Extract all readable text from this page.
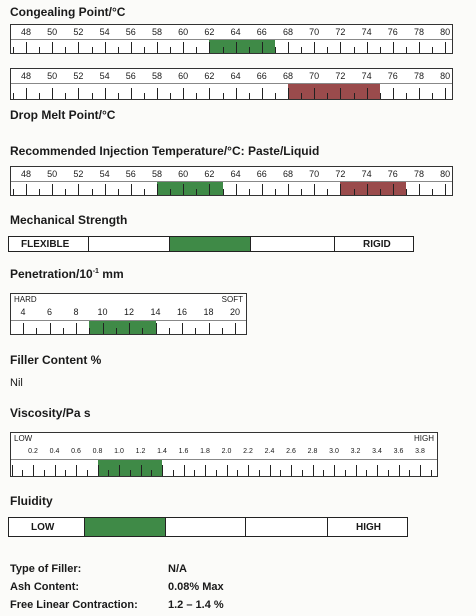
Congealing Point/°C
48 50 52 54 56 58 60 62 64 66 68 70 72 74 76 78 80
48 50 52 54 56 58 60 62 64 66 68 70 72 74 76 78 80
Drop Melt Point/°C
Recommended Injection Temperature/°C: Paste/Liquid
48 50 52 54 56 58 60 62 64 66 68 70 72 74 76 78 80
Mechanical Strength
FLEXIBLE	RIGID
Penetration/$10^{-1}$ mm
HARD	SOFT
4 6 8 10 12 14 16 18 20
Filler Content %
Nil
Viscosity/Pa s
LOW	HIGH
0.2 0.4 0.6 0.8 1.0 1.2 1.4 1.6 1.8 2.0 2.2 2.4 2.6 2.8 3.0 3.2 3.4 3.6 3.8
Fluidity
LOW	HIGH
Type of Filler:	N/A
Ash Content:	0.08% Max
Free Linear Contraction:	1.2 – 1.4 %
